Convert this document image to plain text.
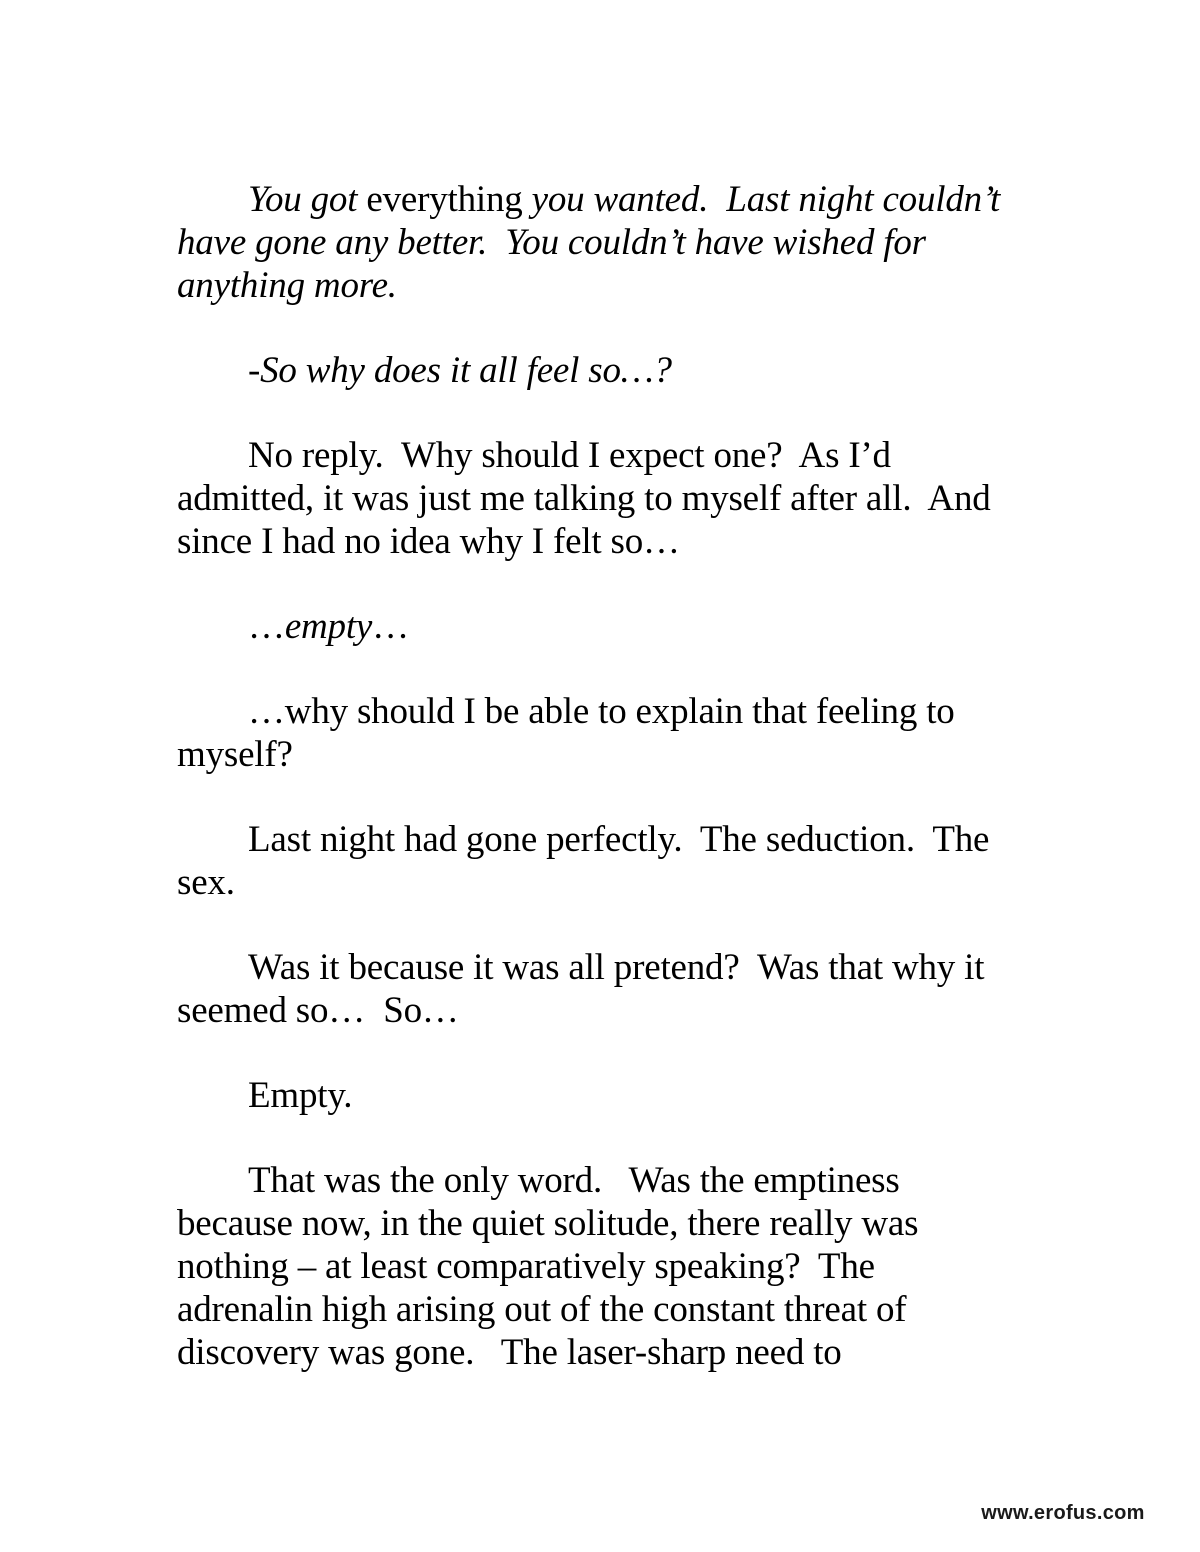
You got everything you wanted.  Last night couldn’t
have gone any better.  You couldn’t have wished for
anything more.
-So why does it all feel so…?
No reply.  Why should I expect one?  As I’d
admitted, it was just me talking to myself after all.  And
since I had no idea why I felt so…
…empty…
…why should I be able to explain that feeling to
myself?
Last night had gone perfectly.  The seduction.  The
sex.
Was it because it was all pretend?  Was that why it
seemed so…  So…
Empty.
That was the only word.   Was the emptiness
because now, in the quiet solitude, there really was
nothing – at least comparatively speaking?  The
adrenalin high arising out of the constant threat of
discovery was gone.   The laser-sharp need to
www.erofus.com
